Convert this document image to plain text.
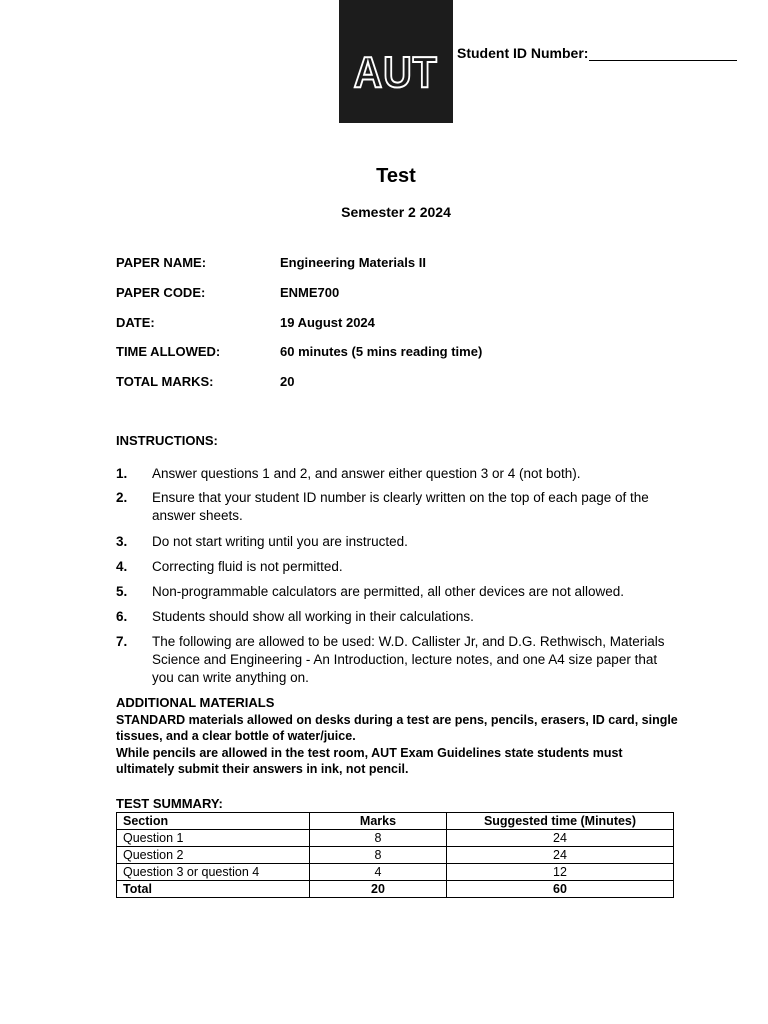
AUT Student ID Number:
Test
Semester 2 2024
PAPER NAME:	Engineering Materials II
PAPER CODE:	ENME700
DATE:	19 August 2024
TIME ALLOWED:	60 minutes (5 mins reading time)
TOTAL MARKS:	20
INSTRUCTIONS:
1.	Answer questions 1 and 2, and answer either question 3 or 4 (not both).
2.	Ensure that your student ID number is clearly written on the top of each page of the answer sheets.
3.	Do not start writing until you are instructed.
4.	Correcting fluid is not permitted.
5.	Non-programmable calculators are permitted, all other devices are not allowed.
6.	Students should show all working in their calculations.
7.	The following are allowed to be used: W.D. Callister Jr, and D.G. Rethwisch, Materials Science and Engineering - An Introduction, lecture notes, and one A4 size paper that you can write anything on.
ADDITIONAL MATERIALS
STANDARD materials allowed on desks during a test are pens, pencils, erasers, ID card, single tissues, and a clear bottle of water/juice.
While pencils are allowed in the test room, AUT Exam Guidelines state students must ultimately submit their answers in ink, not pencil.
TEST SUMMARY:
Section	Marks	Suggested time (Minutes)
Question 1	8	24
Question 2	8	24
Question 3 or question 4	4	12
Total	20	60
